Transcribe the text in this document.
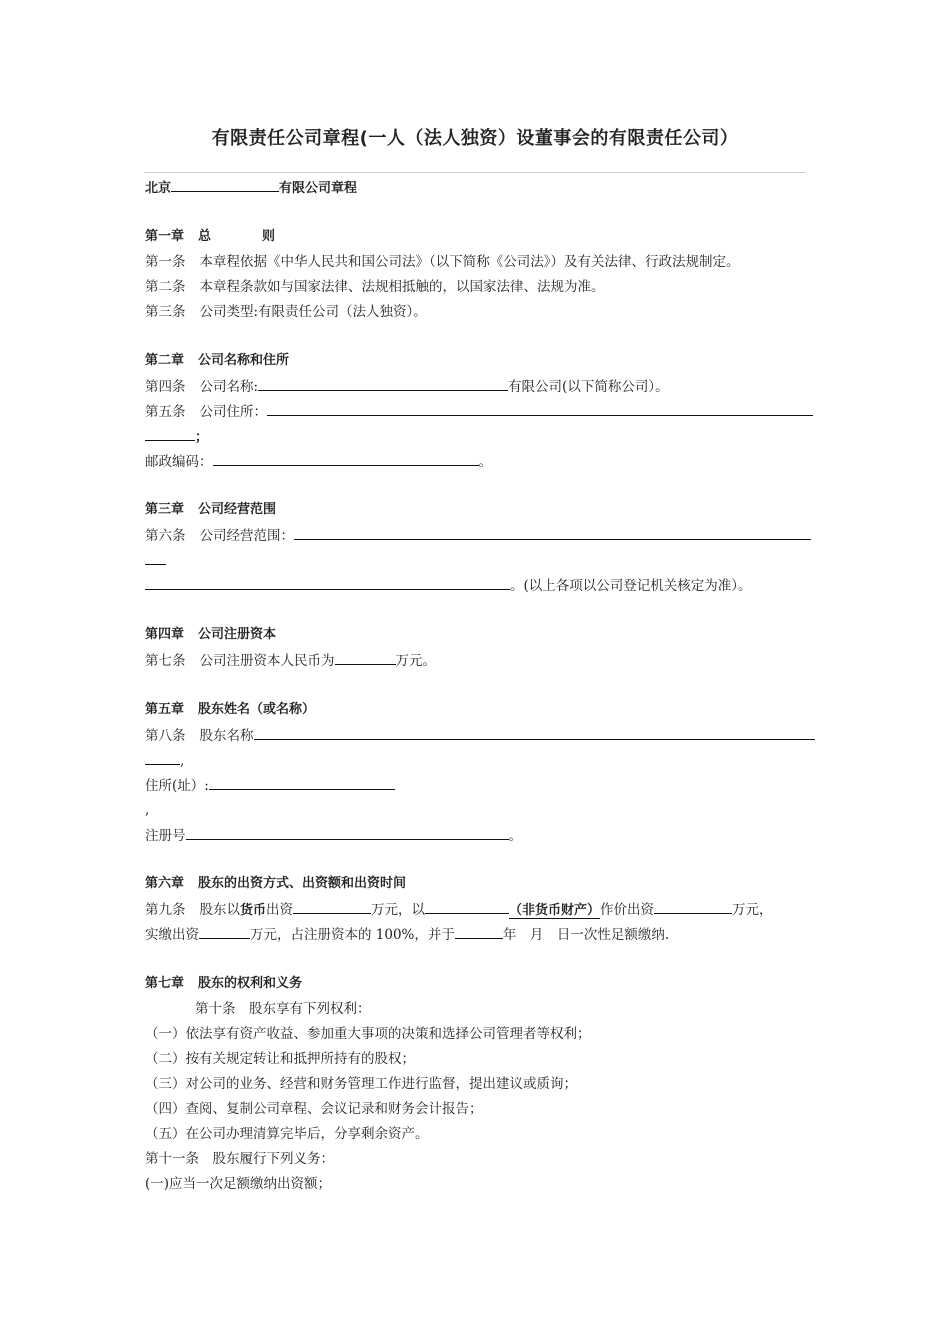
有限责任公司章程(一人（法人独资）设董事会的有限责任公司）
北京	有限公司章程
第一章 总	则
第一条 本章程依据《中华人民共和国公司法》（以下简称《公司法》）及有关法律、行政法规制定。
第二条 本章程条款如与国家法律、法规相抵触的，以国家法律、法规为准。
第三条 公司类型:有限责任公司（法人独资）。
第二章 公司名称和住所
第四条 公司名称:	有限公司(以下简称公司）。
第五条 公司住所：
；
邮政编码：	。
第三章 公司经营范围
第六条 公司经营范围：
。(以上各项以公司登记机关核定为准）。
第四章 公司注册资本
第七条 公司注册资本人民币为	万元。
第五章 股东姓名（或名称）
第八条 股东名称
,
住所(址）:
,
注册号	。
第六章 股东的出资方式、出资额和出资时间
第九条 股东以货币出资	万元，以	（非货币财产）作价出资	万元，
实缴出资	万元，占注册资本的 100%，并于	年　月　日一次性足额缴纳.
第七章 股东的权利和义务
第十条　股东享有下列权利：
（一）依法享有资产收益、参加重大事项的决策和选择公司管理者等权利；
（二）按有关规定转让和抵押所持有的股权；
（三）对公司的业务、经营和财务管理工作进行监督，提出建议或质询；
（四）查阅、复制公司章程、会议记录和财务会计报告；
（五）在公司办理清算完毕后，分享剩余资产。
第十一条　股东履行下列义务：
(一)应当一次足额缴纳出资额；
